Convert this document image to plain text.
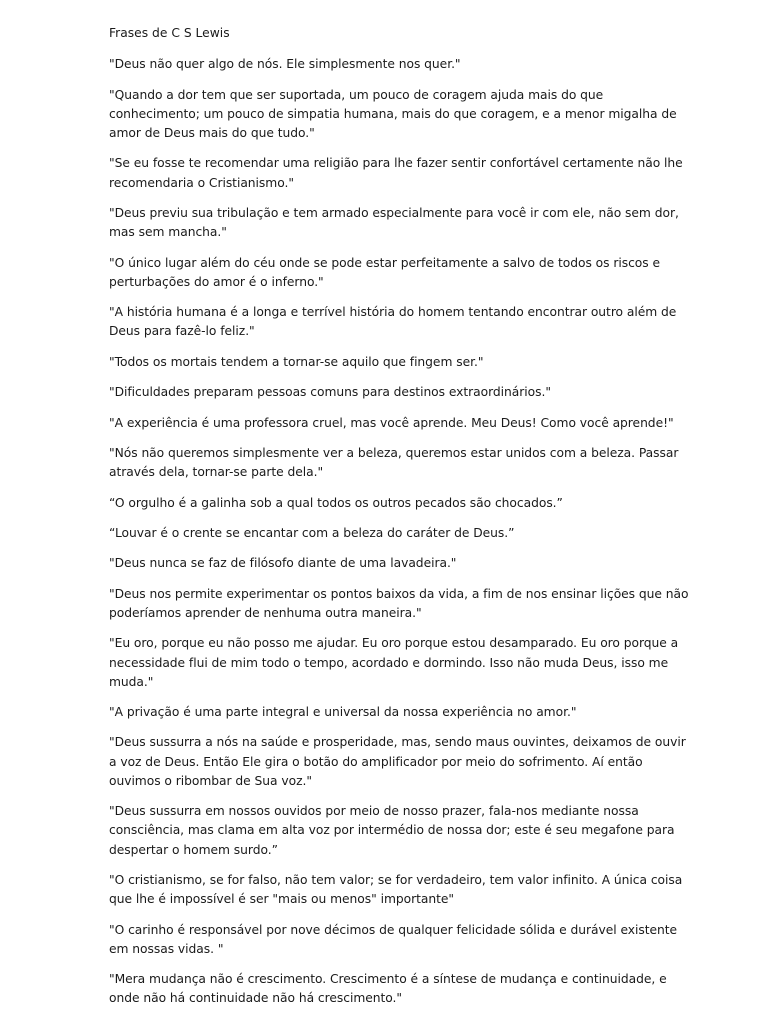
Frases de C S Lewis

"Deus não quer algo de nós. Ele simplesmente nos quer."

"Quando a dor tem que ser suportada, um pouco de coragem ajuda mais do que conhecimento; um pouco de simpatia humana, mais do que coragem, e a menor migalha de amor de Deus mais do que tudo."

"Se eu fosse te recomendar uma religião para lhe fazer sentir confortável certamente não lhe recomendaria o Cristianismo."

"Deus previu sua tribulação e tem armado especialmente para você ir com ele, não sem dor, mas sem mancha."

"O único lugar além do céu onde se pode estar perfeitamente a salvo de todos os riscos e perturbações do amor é o inferno."

"A história humana é a longa e terrível história do homem tentando encontrar outro além de Deus para fazê-lo feliz."

"Todos os mortais tendem a tornar-se aquilo que fingem ser."

"Dificuldades preparam pessoas comuns para destinos extraordinários."

"A experiência é uma professora cruel, mas você aprende. Meu Deus! Como você aprende!"

"Nós não queremos simplesmente ver a beleza, queremos estar unidos com a beleza. Passar através dela, tornar-se parte dela."

“O orgulho é a galinha sob a qual todos os outros pecados são chocados.”

“Louvar é o crente se encantar com a beleza do caráter de Deus.”

"Deus nunca se faz de filósofo diante de uma lavadeira."

"Deus nos permite experimentar os pontos baixos da vida, a fim de nos ensinar lições que não poderíamos aprender de nenhuma outra maneira."

"Eu oro, porque eu não posso me ajudar. Eu oro porque estou desamparado. Eu oro porque a necessidade flui de mim todo o tempo, acordado e dormindo. Isso não muda Deus, isso me muda."

"A privação é uma parte integral e universal da nossa experiência no amor."

"Deus sussurra a nós na saúde e prosperidade, mas, sendo maus ouvintes, deixamos de ouvir a voz de Deus. Então Ele gira o botão do amplificador por meio do sofrimento. Aí então ouvimos o ribombar de Sua voz."

"Deus sussurra em nossos ouvidos por meio de nosso prazer, fala-nos mediante nossa consciência, mas clama em alta voz por intermédio de nossa dor; este é seu megafone para despertar o homem surdo.”

"O cristianismo, se for falso, não tem valor; se for verdadeiro, tem valor infinito. A única coisa que lhe é impossível é ser "mais ou menos" importante"

"O carinho é responsável por nove décimos de qualquer felicidade sólida e durável existente em nossas vidas. "

"Mera mudança não é crescimento. Crescimento é a síntese de mudança e continuidade, e onde não há continuidade não há crescimento."
